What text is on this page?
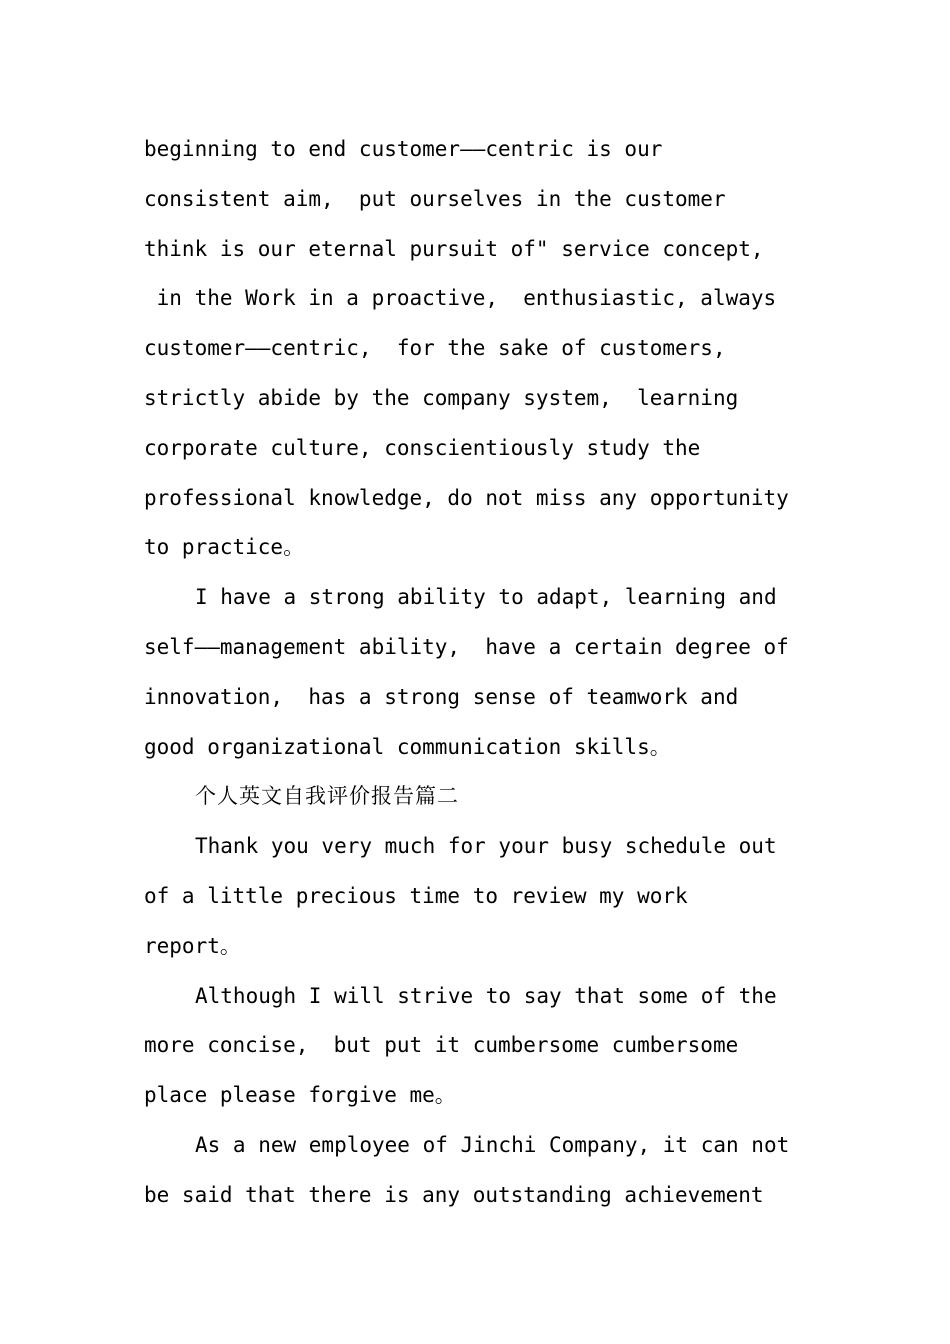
beginning to end customer——centric is our
consistent aim,  put ourselves in the customer
think is our eternal pursuit of" service concept,
in the Work in a proactive,  enthusiastic, always
customer——centric,  for the sake of customers,
strictly abide by the company system,  learning
corporate culture, conscientiously study the
professional knowledge, do not miss any opportunity
to practice。
I have a strong ability to adapt, learning and
self——management ability,  have a certain degree of
innovation,  has a strong sense of teamwork and
good organizational communication skills。
个人英文自我评价报告篇二
Thank you very much for your busy schedule out
of a little precious time to review my work
report。
Although I will strive to say that some of the
more concise,  but put it cumbersome cumbersome
place please forgive me。
As a new employee of Jinchi Company, it can not
be said that there is any outstanding achievement
